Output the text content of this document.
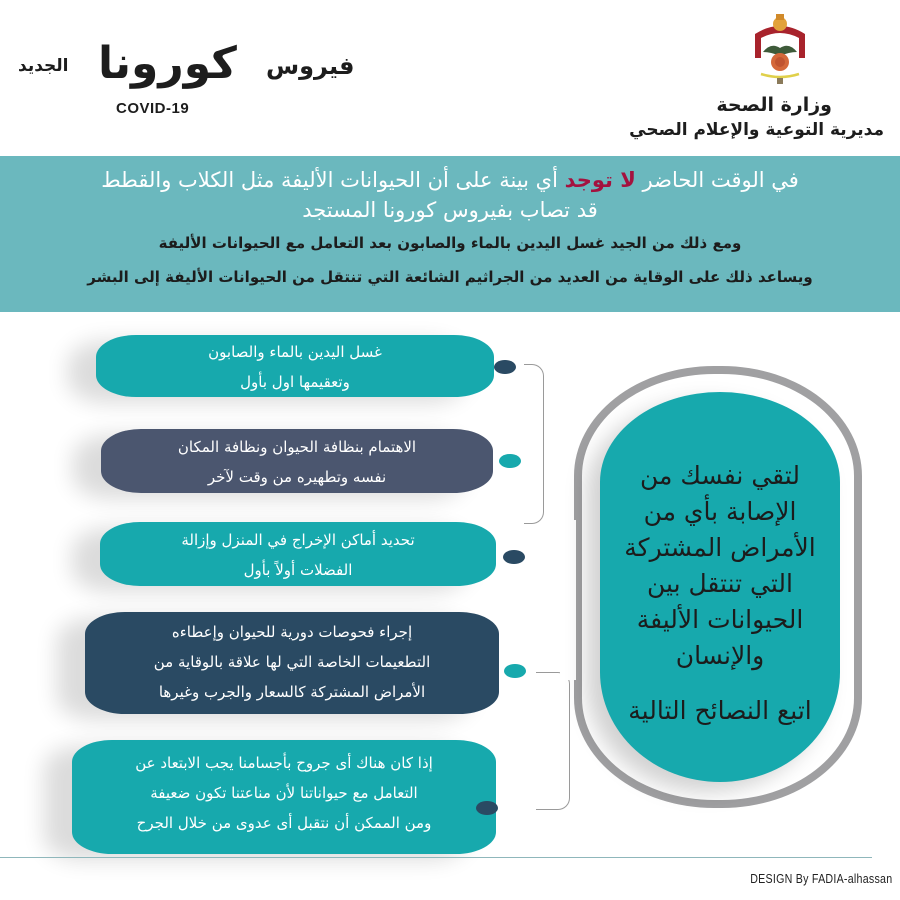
فيروس
كورونا
الجديد
COVID-19	وزارة الصحة
مديرية التوعية والإعلام الصحي
في الوقت الحاضر لا توجد أي بينة على أن الحيوانات الأليفة مثل الكلاب والقطط
قد تصاب بفيروس كورونا المستجد
ومع ذلك من الجيد غسل اليدين بالماء والصابون بعد التعامل مع الحيوانات الأليفة
ويساعد ذلك على الوقاية من العديد من الجراثيم الشائعة التي تنتقل من الحيوانات الأليفة إلى البشر
غسل اليدين بالماء والصابون
وتعقيمها اول بأول
الاهتمام بنظافة الحيوان ونظافة المكان
نفسه وتطهيره من وقت لآخر
تحديد أماكن الإخراج في المنزل وإزالة
الفضلات أولاً بأول
إجراء فحوصات دورية للحيوان وإعطاءه
التطعيمات الخاصة التي لها علاقة بالوقاية من
الأمراض المشتركة كالسعار والجرب وغيرها
إذا كان هناك أى جروح بأجسامنا يجب الابتعاد عن
التعامل مع حيواناتنا لأن مناعتنا تكون ضعيفة
ومن الممكن أن نتقبل أى عدوى من خلال الجرح
لتقي نفسك من
الإصابة بأي من
الأمراض المشتركة
التي تنتقل بين
الحيوانات الأليفة
والإنسان
اتبع النصائح التالية
DESIGN By FADIA-alhassan
